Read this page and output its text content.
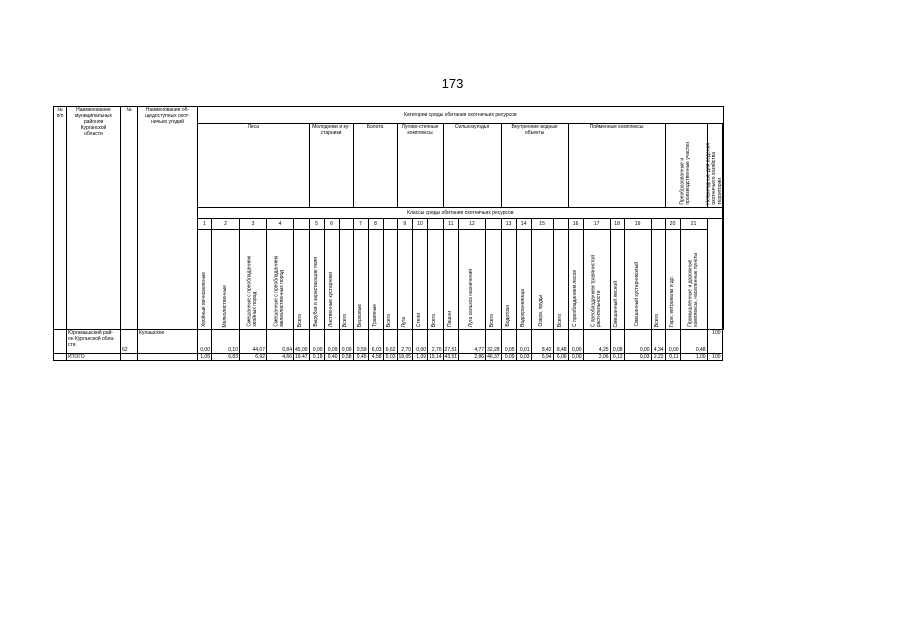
173
№
п/п	Наименование
муниципальных
районов
Курганской
области	№	Наименование об-
щедоступных охот-
ничьих угодий	Категории среды обитания охотничьих ресурсов																													

				Леса					Молодняки и ку-
старники			Болота			Лугово-степные
комплексы			Сельхозугодья			Внутренние водные
объекты				Пойменные комплексы					Преобразованные и
производственные участки		Непригодные для ведения
охотничьего хозяйства
территории

				Классы среды обитания охотничьих ресурсов																													

				1	2	3	4		5	6		7	8		9	10		11	12		13	14	15		16	17	18	19		20	21		

				Хвойные вечнозеленые	Мелколиственные	Смешанные с преобладанием
хвойных пород	Смешанные с преобладанием
мелколиственных пород	Всего	Вырубки и зарастающие поля	Лиственные кустарники	Всего	Верховые	Травяные	Всего	Луга	Степи	Всего	Пашни	Луга сельхоз назначения	Всего	Водотоки	Водохранилища	Озера, пруды	Всего	С преобладанием лесов	С преобладанием травянистой
растительности	Смешанный лесной	Смешанный кустарниковый	Всего	Гари, ветровалы и др.	Промышленные и дорожные
комплексы, населенные пункты		

	Юргамышский рай-
он Курганской обла-
сти	62	Кулашское	0,00	0,10	44,07	0,84	45,00	0,00	0,09	0,09	0,59	6,03	6,62	2,70	0,00	2,70	27,51	4,77	32,28	0,05	0,01	8,42	8,48	0,00	4,25	0,08	0,00	4,34	0,00	0,48	100	

	ИТОГО			1,05	6,83	6,92	4,66	19,47	0,18	0,40	0,58	0,45	4,58	5,03	18,05	1,09	19,14	43,51	2,86	46,37	0,09	0,03	5,94	6,06	0,00	2,06	0,13	0,03	2,22	0,11	1,00	100	
